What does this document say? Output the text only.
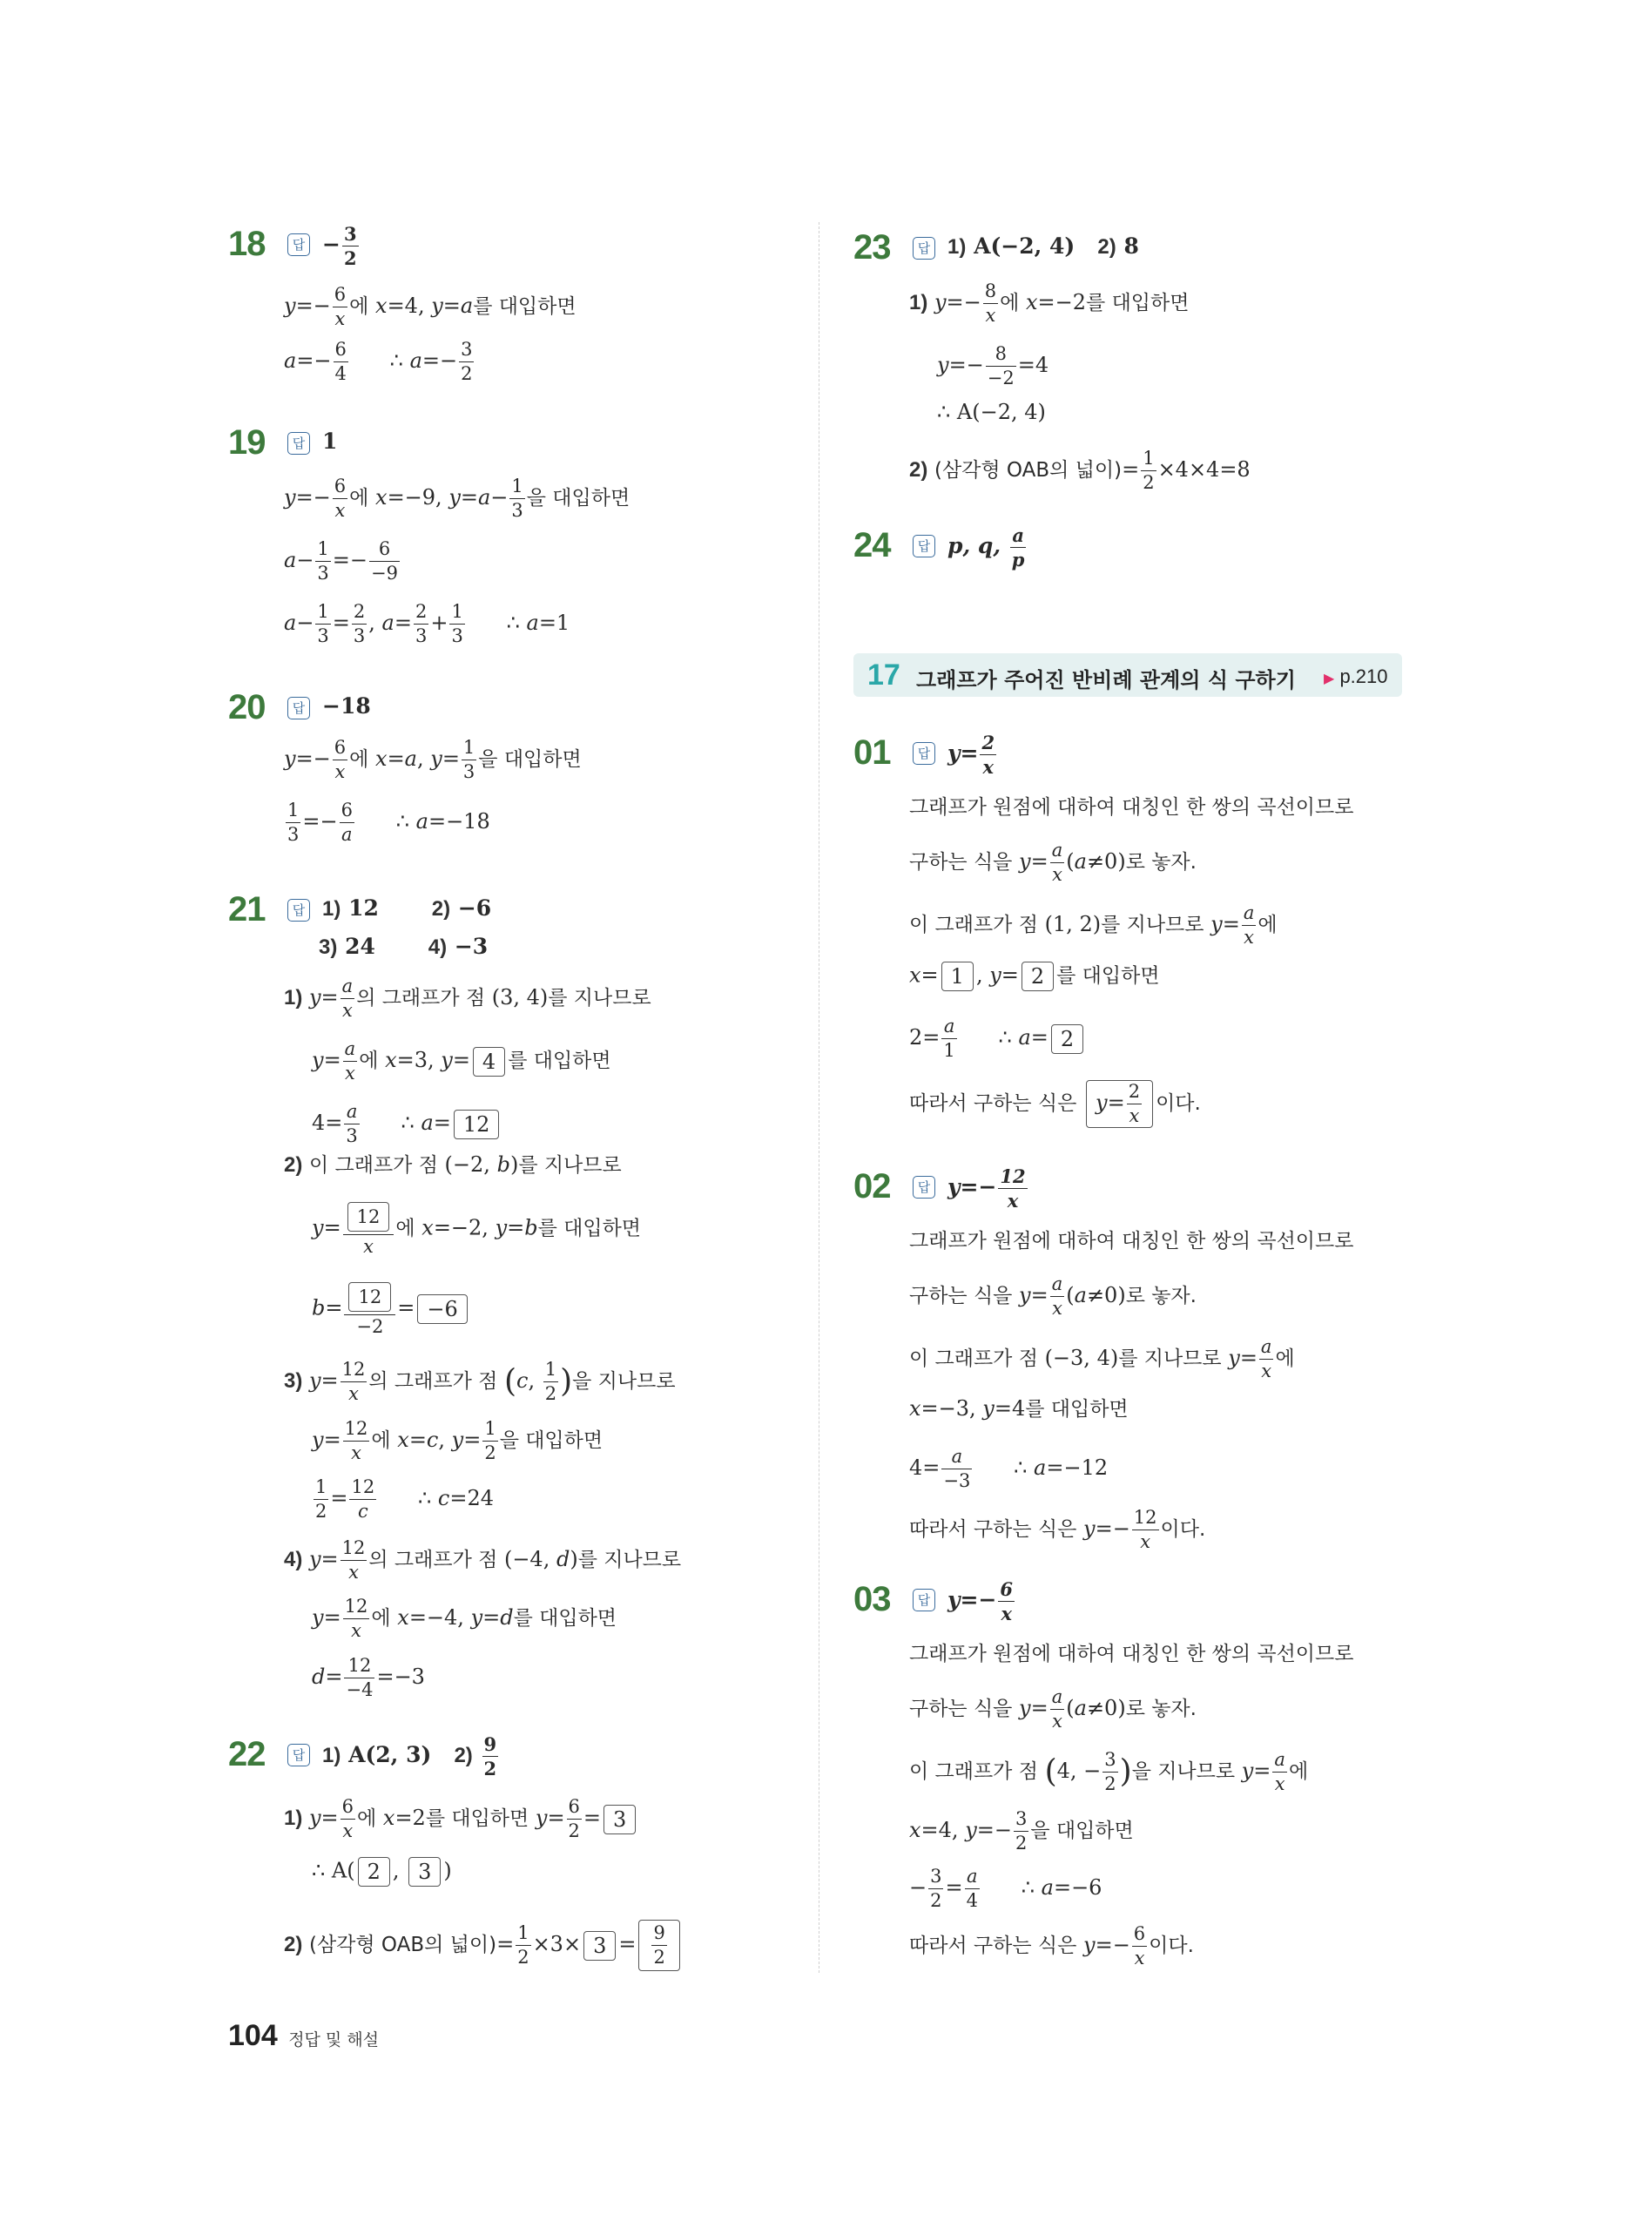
18	답 − $\frac{3}{2}$
$y=- \frac{6}{x}$ 에 x=4, y=a를 대입하면
$a=- \frac{6}{4}$ ∴ $a=- \frac{3}{2}$
19	답 1
$y=- \frac{6}{x}$ 에 x=−9, $y=a- \frac{1}{3}$ 을 대입하면
$a- \frac{1}{3} =- \frac{6}{-9}$
$a- \frac{1}{3} = \frac{2}{3}$ , $a= \frac{2}{3} + \frac{1}{3}$ ∴ a=1
20	답 −18
$y=- \frac{6}{x}$ 에 x=a, $y= \frac{1}{3}$ 을 대입하면
$\frac{1}{3} =- \frac{6}{a}$ ∴ a=−18
21	답 1) 12	2) −6
3) 24	4) −3
1) $y= \frac{a}{x}$ 의 그래프가 점 (3, 4)를 지나므로
$y= \frac{a}{x}$ 에 x=3, y= 4 를 대입하면
$4= \frac{a}{3}$ ∴ a= 12
2) 이 그래프가 점 (−2, b)를 지나므로
$y= \frac{12}{x}$ 에 x=−2, y=b를 대입하면
$b= \frac{12}{-2} = -6$
3) $y= \frac{12}{x}$ 의 그래프가 점 (c, $\frac{1}{2}$ )을 지나므로
$y= \frac{12}{x}$ 에 x=c, $y= \frac{1}{2}$ 을 대입하면
$\frac{1}{2} = \frac{12}{c}$ ∴ c=24
4) $y= \frac{12}{x}$ 의 그래프가 점 (−4, d)를 지나므로
$y= \frac{12}{x}$ 에 x=−4, y=d를 대입하면
$d= \frac{12}{-4} =-3$
22	답 1) A(2, 3) $2) \frac{9}{2}$
1) $y= \frac{6}{x}$ 에 x=2를 대입하면 $y= \frac{6}{2} = 3$
∴ A( 2 , 3 )
2) (삼각형 OAB의 넓이)= $\frac{1}{2} \times 3\times 3 = \frac{9}{2}$
23	답 1) A(−2, 4) 2) 8
1) $y=- \frac{8}{x}$ 에 x=−2를 대입하면
$y=- \frac{8}{-2} =4$
∴ A(−2, 4)
2) (삼각형 OAB의 넓이)= $\frac{1}{2} \times 4\times 4=8$
24	답 p, q, $\frac{a}{p}$
17 그래프가 주어진 반비례 관계의 식 구하기 ▶ p.210
01	답 $y= \frac{2}{x}$
그래프가 원점에 대하여 대칭인 한 쌍의 곡선이므로
구하는 식을 $y= \frac{a}{x} (a\ne 0)$로 놓자.
이 그래프가 점 (1, 2)를 지나므로 $y= \frac{a}{x}$ 에
x= 1 , y= 2 를 대입하면
$2= \frac{a}{1}$ ∴ a= 2
따라서 구하는 식은 $y= \frac{2}{x}$ 이다.
02	답 $y=- \frac{12}{x}$
그래프가 원점에 대하여 대칭인 한 쌍의 곡선이므로
구하는 식을 $y= \frac{a}{x} (a\ne 0)$로 놓자.
이 그래프가 점 (−3, 4)를 지나므로 $y= \frac{a}{x}$ 에
x=−3, y=4를 대입하면
$4= \frac{a}{-3}$ ∴ a=−12
따라서 구하는 식은 $y=- \frac{12}{x}$ 이다.
03	답 $y=- \frac{6}{x}$
그래프가 원점에 대하여 대칭인 한 쌍의 곡선이므로
구하는 식을 $y= \frac{a}{x} (a\ne 0)$로 놓자.
이 그래프가 점 (4, − $\frac{3}{2}$ )을 지나므로 $y= \frac{a}{x}$ 에
x=4, $y=- \frac{3}{2}$ 을 대입하면
− $\frac{3}{2} = \frac{a}{4}$ ∴ a=−6
따라서 구하는 식은 $y=- \frac{6}{x}$ 이다.
104 정답 및 해설
